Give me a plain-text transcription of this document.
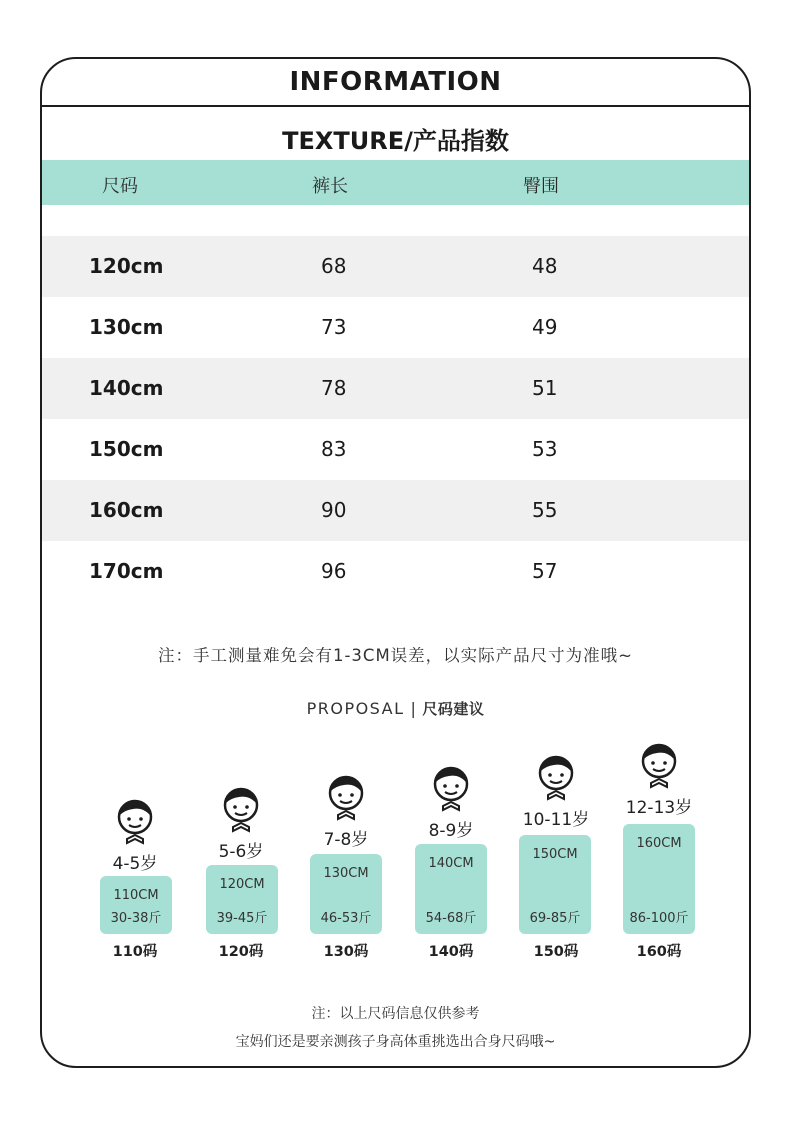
INFORMATION
TEXTURE/产品指数
尺码	裤长	臀围
120cm	68	48
130cm	73	49
140cm	78	51
150cm	83	53
160cm	90	55
170cm	96	57
注：手工测量难免会有1-3CM误差，以实际产品尺寸为准哦~
PROPOSAL | 尺码建议
4-5岁
110CM
30-38斤
110码
5-6岁
120CM
39-45斤
120码
7-8岁
130CM
46-53斤
130码
8-9岁
140CM
54-68斤
140码
10-11岁
150CM
69-85斤
150码
12-13岁
160CM
86-100斤
160码
注：以上尺码信息仅供参考
宝妈们还是要亲测孩子身高体重挑选出合身尺码哦~
